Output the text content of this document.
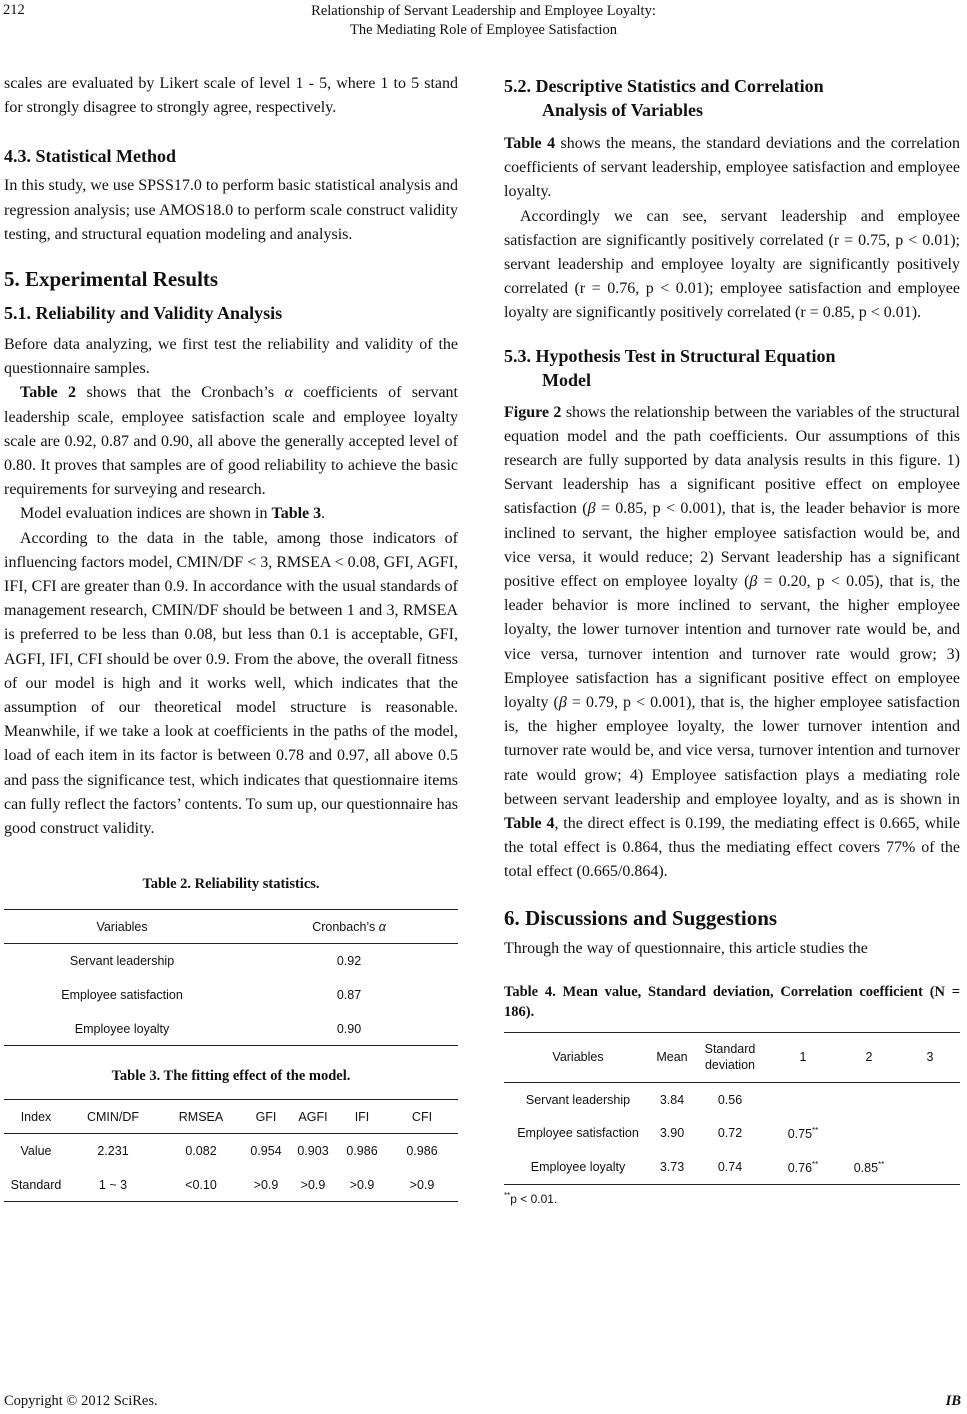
212	Relationship of Servant Leadership and Employee Loyalty:
The Mediating Role of Employee Satisfaction

scales are evaluated by Likert scale of level 1 - 5, where 1 to 5 stand for strongly disagree to strongly agree, respectively.

4.3. Statistical Method

In this study, we use SPSS17.0 to perform basic statistical analysis and regression analysis; use AMOS18.0 to perform scale construct validity testing, and structural equation modeling and analysis.

5. Experimental Results
5.1. Reliability and Validity Analysis

Before data analyzing, we first test the reliability and validity of the questionnaire samples.

Table 2 shows that the Cronbach’s α coefficients of servant leadership scale, employee satisfaction scale and employee loyalty scale are 0.92, 0.87 and 0.90, all above the generally accepted level of 0.80. It proves that samples are of good reliability to achieve the basic requirements for surveying and research.

Model evaluation indices are shown in Table 3.

According to the data in the table, among those indicators of influencing factors model, CMIN/DF < 3, RMSEA < 0.08, GFI, AGFI, IFI, CFI are greater than 0.9. In accordance with the usual standards of management research, CMIN/DF should be between 1 and 3, RMSEA is preferred to be less than 0.08, but less than 0.1 is acceptable, GFI, AGFI, IFI, CFI should be over 0.9. From the above, the overall fitness of our model is high and it works well, which indicates that the assumption of our theoretical model structure is reasonable. Meanwhile, if we take a look at coefficients in the paths of the model, load of each item in its factor is between 0.78 and 0.97, all above 0.5 and pass the significance test, which indicates that questionnaire items can fully reflect the factors’ contents. To sum up, our questionnaire has good construct validity.

Table 2. Reliability statistics.
Variables	Cronbach’s α
Servant leadership	0.92
Employee satisfaction	0.87
Employee loyalty	0.90
Table 3. The fitting effect of the model.
Index	CMIN/DF	RMSEA	GFI	AGFI	IFI	CFI
Value	2.231	0.082	0.954	0.903	0.986	0.986
Standard	1 ~ 3	<0.10	>0.9	>0.9	>0.9	>0.9
5.2. Descriptive Statistics and Correlation
Analysis of Variables

Table 4 shows the means, the standard deviations and the correlation coefficients of servant leadership, employee satisfaction and employee loyalty.

Accordingly we can see, servant leadership and employee satisfaction are significantly positively correlated (r = 0.75, p < 0.01); servant leadership and employee loyalty are significantly positively correlated (r = 0.76, p < 0.01); employee satisfaction and employee loyalty are significantly positively correlated (r = 0.85, p < 0.01).

5.3. Hypothesis Test in Structural Equation
Model

Figure 2 shows the relationship between the variables of the structural equation model and the path coefficients. Our assumptions of this research are fully supported by data analysis results in this figure. 1) Servant leadership has a significant positive effect on employee satisfaction (β = 0.85, p < 0.001), that is, the leader behavior is more inclined to servant, the higher employee satisfaction would be, and vice versa, it would reduce; 2) Servant leadership has a significant positive effect on employee loyalty (β = 0.20, p < 0.05), that is, the leader behavior is more inclined to servant, the higher employee loyalty, the lower turnover intention and turnover rate would be, and vice versa, turnover intention and turnover rate would grow; 3) Employee satisfaction has a significant positive effect on employee loyalty (β = 0.79, p < 0.001), that is, the higher employee satisfaction is, the higher employee loyalty, the lower turnover intention and turnover rate would be, and vice versa, turnover intention and turnover rate would grow; 4) Employee satisfaction plays a mediating role between servant leadership and employee loyalty, and as is shown in Table 4, the direct effect is 0.199, the mediating effect is 0.665, while the total effect is 0.864, thus the mediating effect covers 77% of the total effect (0.665/0.864).

6. Discussions and Suggestions

Through the way of questionnaire, this article studies the

Table 4. Mean value, Standard deviation, Correlation coefficient (N = 186).
Variables	Mean	Standard deviation	1	2	3
Servant leadership	3.84	0.56			
Employee satisfaction	3.90	0.72	0.75**		
Employee loyalty	3.73	0.74	0.76**	0.85**	
**p < 0.01.
Copyright © 2012 SciRes.	IB
